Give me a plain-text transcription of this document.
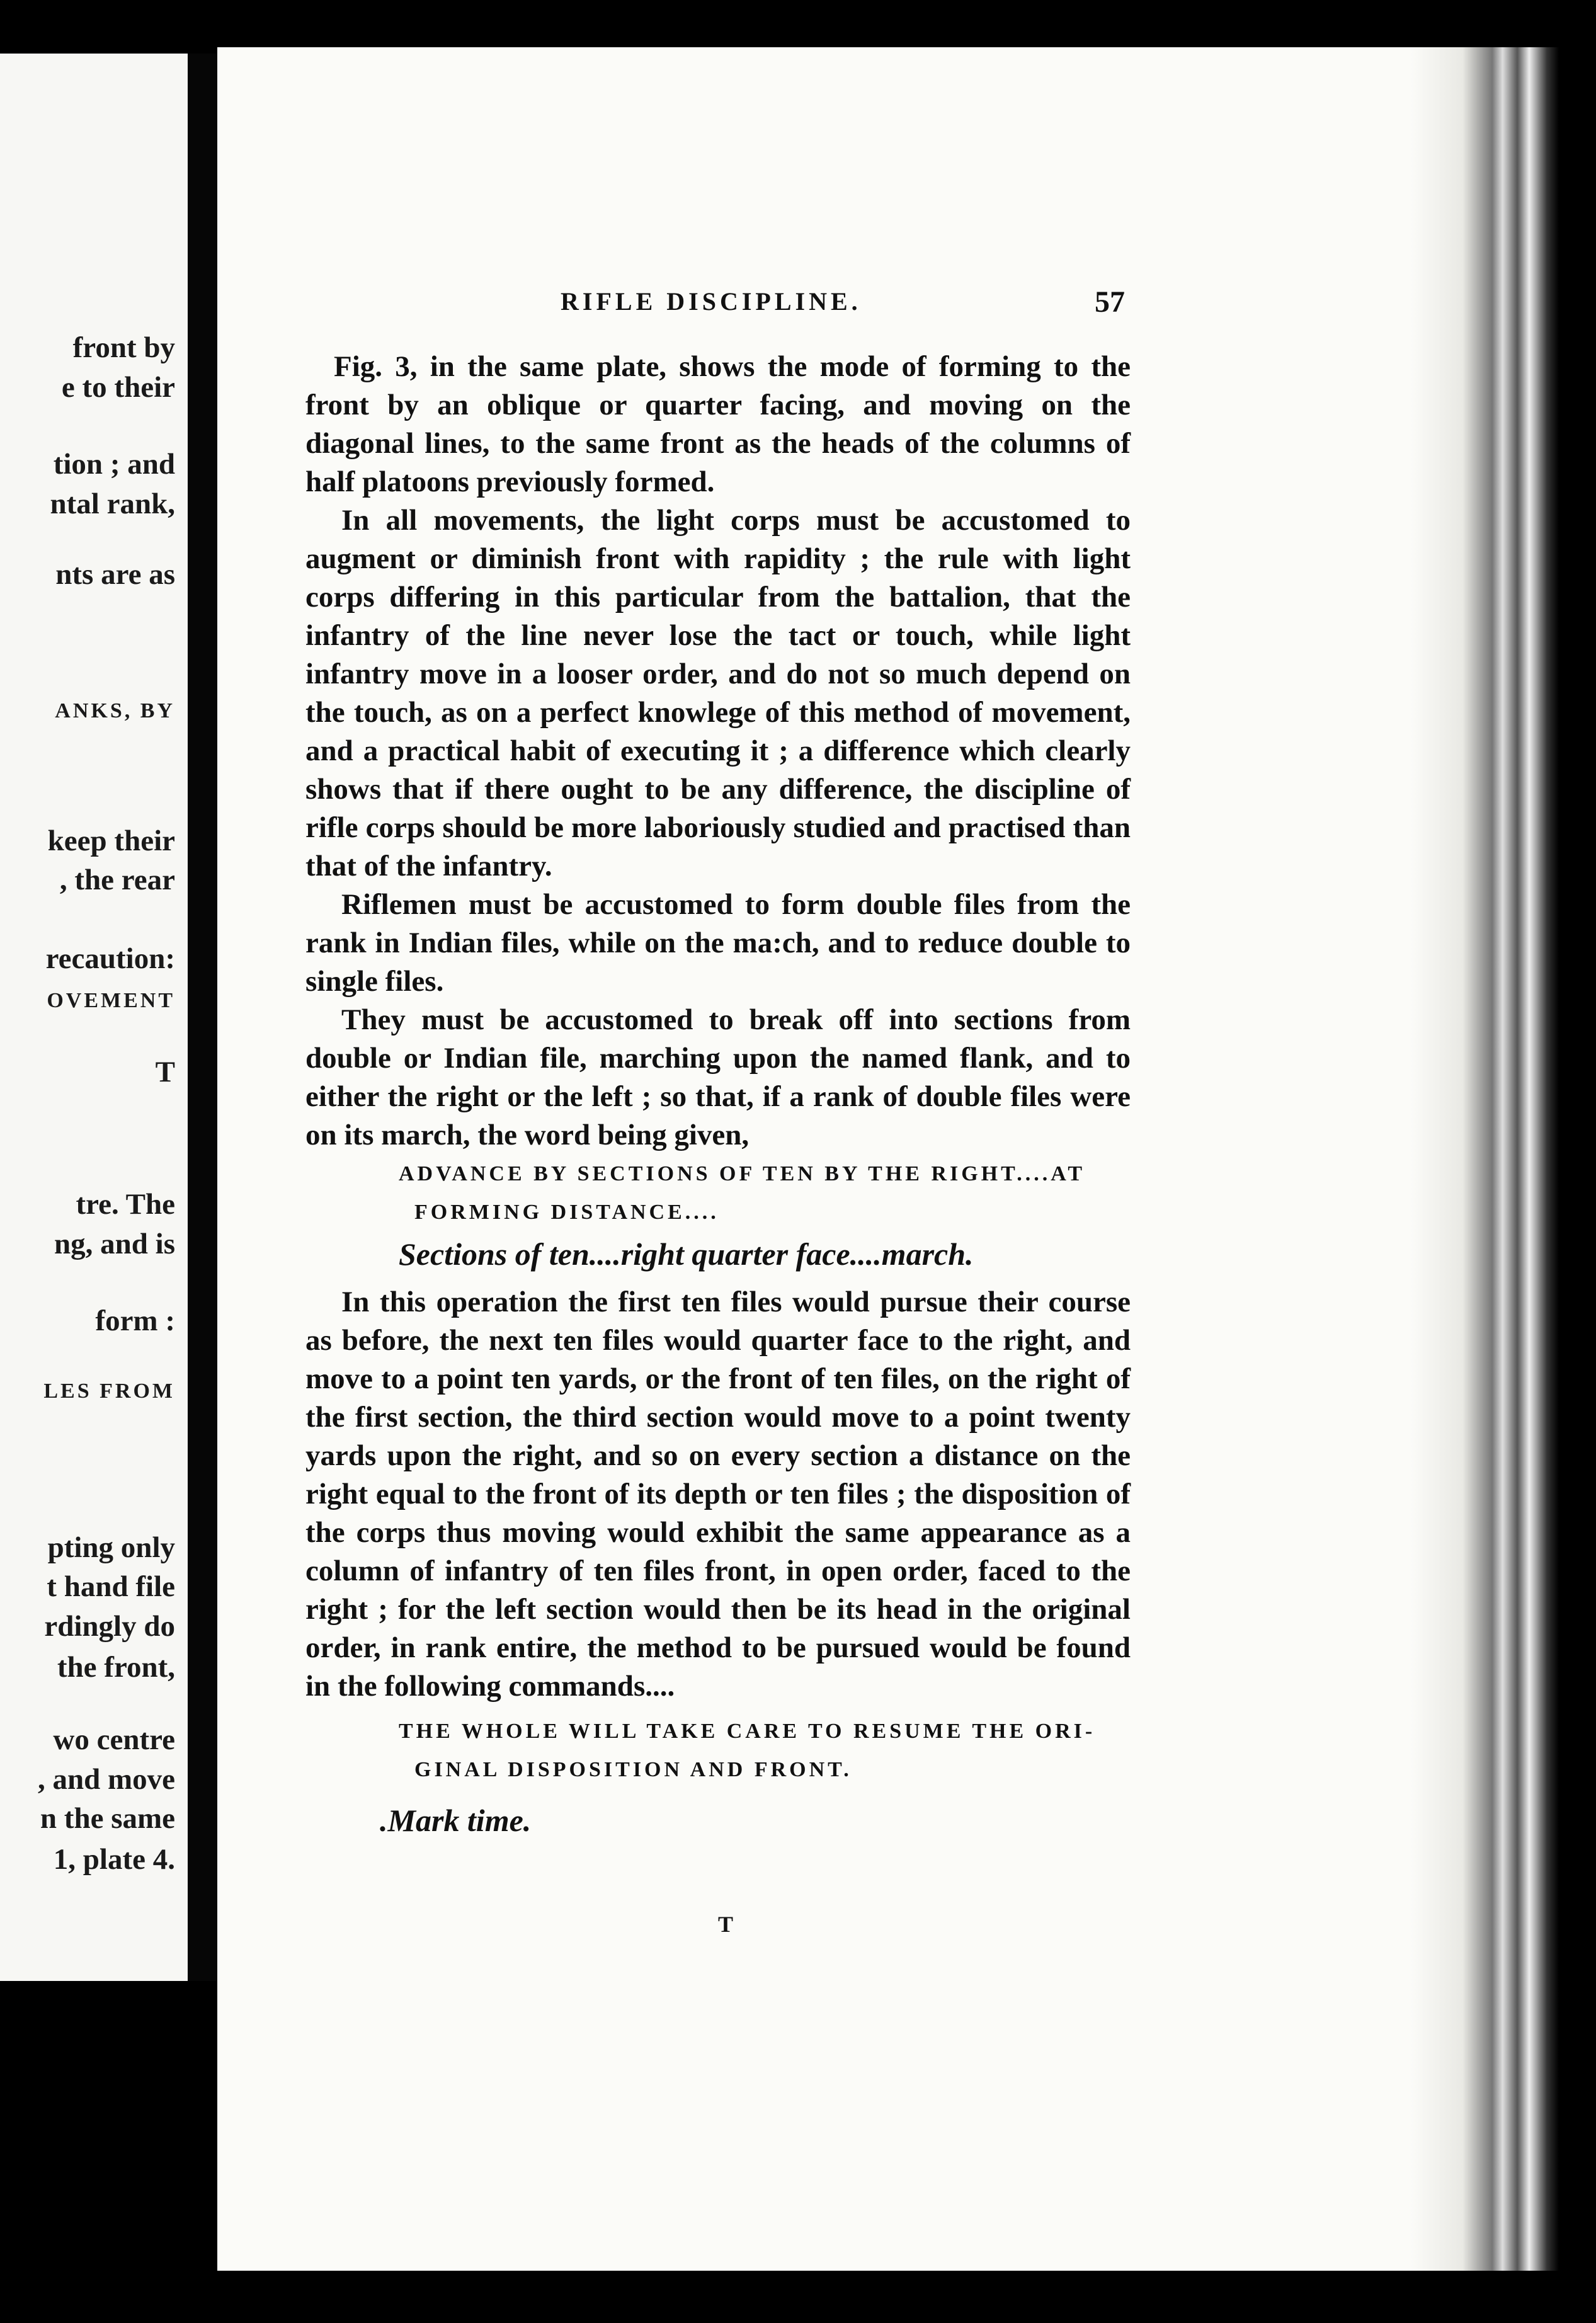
front by
e to their
tion ; and
ntal rank,
nts are as
ANKS, BY
keep their
, the rear
recaution:
OVEMENT
T
tre. The
ng, and is
form :
LES FROM
pting only
t hand file
rdingly do
the front,
wo centre
, and move
n the same
1, plate 4.
RIFLE DISCIPLINE.	57

Fig. 3, in the same plate, shows the mode of forming to the front by an oblique or quarter facing, and moving on the diagonal lines, to the same front as the heads of the columns of half platoons previously formed.

In all movements, the light corps must be accustomed to augment or diminish front with rapidity ; the rule with light corps differing in this particular from the battalion, that the infantry of the line never lose the tact or touch, while light infantry move in a looser order, and do not so much depend on the touch, as on a perfect knowlege of this method of movement, and a practical habit of executing it ; a difference which clearly shows that if there ought to be any difference, the discipline of rifle corps should be more laboriously studied and practised than that of the infantry.

Riflemen must be accustomed to form double files from the rank in Indian files, while on the ma:ch, and to reduce double to single files.

They must be accustomed to break off into sections from double or Indian file, marching upon the named flank, and to either the right or the left ; so that, if a rank of double files were on its march, the word being given,

ADVANCE BY SECTIONS OF TEN BY THE RIGHT....AT
FORMING DISTANCE....
Sections of ten....right quarter face....march.

In this operation the first ten files would pursue their course as before, the next ten files would quarter face to the right, and move to a point ten yards, or the front of ten files, on the right of the first section, the third section would move to a point twenty yards upon the right, and so on every section a distance on the right equal to the front of its depth or ten files ; the disposition of the corps thus moving would exhibit the same appearance as a column of infantry of ten files front, in open order, faced to the right ; for the left section would then be its head in the original order, in rank entire, the method to be pursued would be found in the following commands....

THE WHOLE WILL TAKE CARE TO RESUME THE ORI-
GINAL DISPOSITION AND FRONT.
.Mark time.
T
